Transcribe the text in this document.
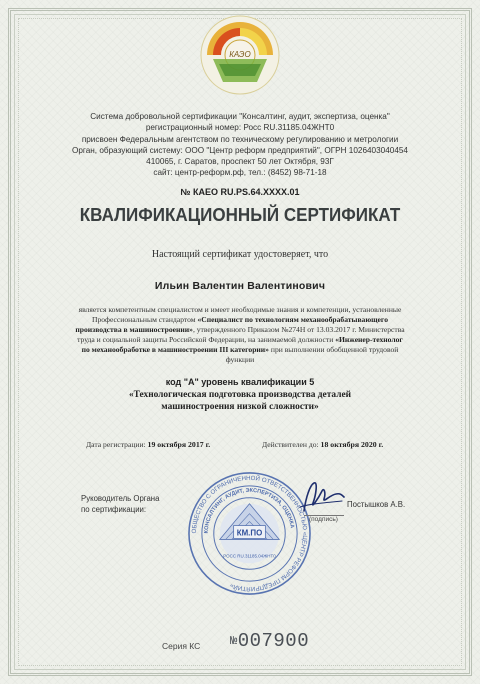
КАЭО
Система добровольной сертификации "Консалтинг, аудит, экспертиза, оценка"
регистрационный номер: Росс RU.31185.04ЖНТ0
присвоен Федеральным агентством по техническому регулированию и метрологии
Орган, образующий систему: ООО "Центр реформ предприятий", ОГРН 1026403040454
410065, г. Саратов, проспект 50 лет Октября, 93Г
сайт: центр-реформ.рф, тел.: (8452) 98-71-18
№ КАЕО RU.PS.64.XXXX.01
КВАЛИФИКАЦИОННЫЙ СЕРТИФИКАТ
Настоящий сертификат удостоверяет, что
Ильин Валентин Валентинович
является компетентным специалистом и имеет необходимые знания и компетенции, установленные Профессиональным стандартом «Специалист по технологиям механообрабатывающего производства в машиностроении», утвержденного Приказом №274Н от 13.03.2017 г. Министерства труда и социальной защиты Российской Федерации, на занимаемой должности «Инженер-технолог по механообработке в машиностроении III категории» при выполнении обобщенной трудовой функции
код "А" уровень квалификации 5
«Технологическая подготовка производства деталей машиностроения низкой сложности»
Дата регистрации: 19 октября 2017 г.	Действителен до: 18 октября 2020 г.
Руководитель Органа
по сертификации:
ОБЩЕСТВО С ОГРАНИЧЕННОЙ ОТВЕТСТВЕННОСТЬЮ «ЦЕНТР РЕФОРМ ПРЕДПРИЯТИЙ»
КОНСАЛТИНГ, АУДИТ, ЭКСПЕРТИЗА, ОЦЕНКА
КМ.ПО
РОСС RU.31185.04ЖНТ0
(подпись)
Постышков А.В.
Серия КС №007900
